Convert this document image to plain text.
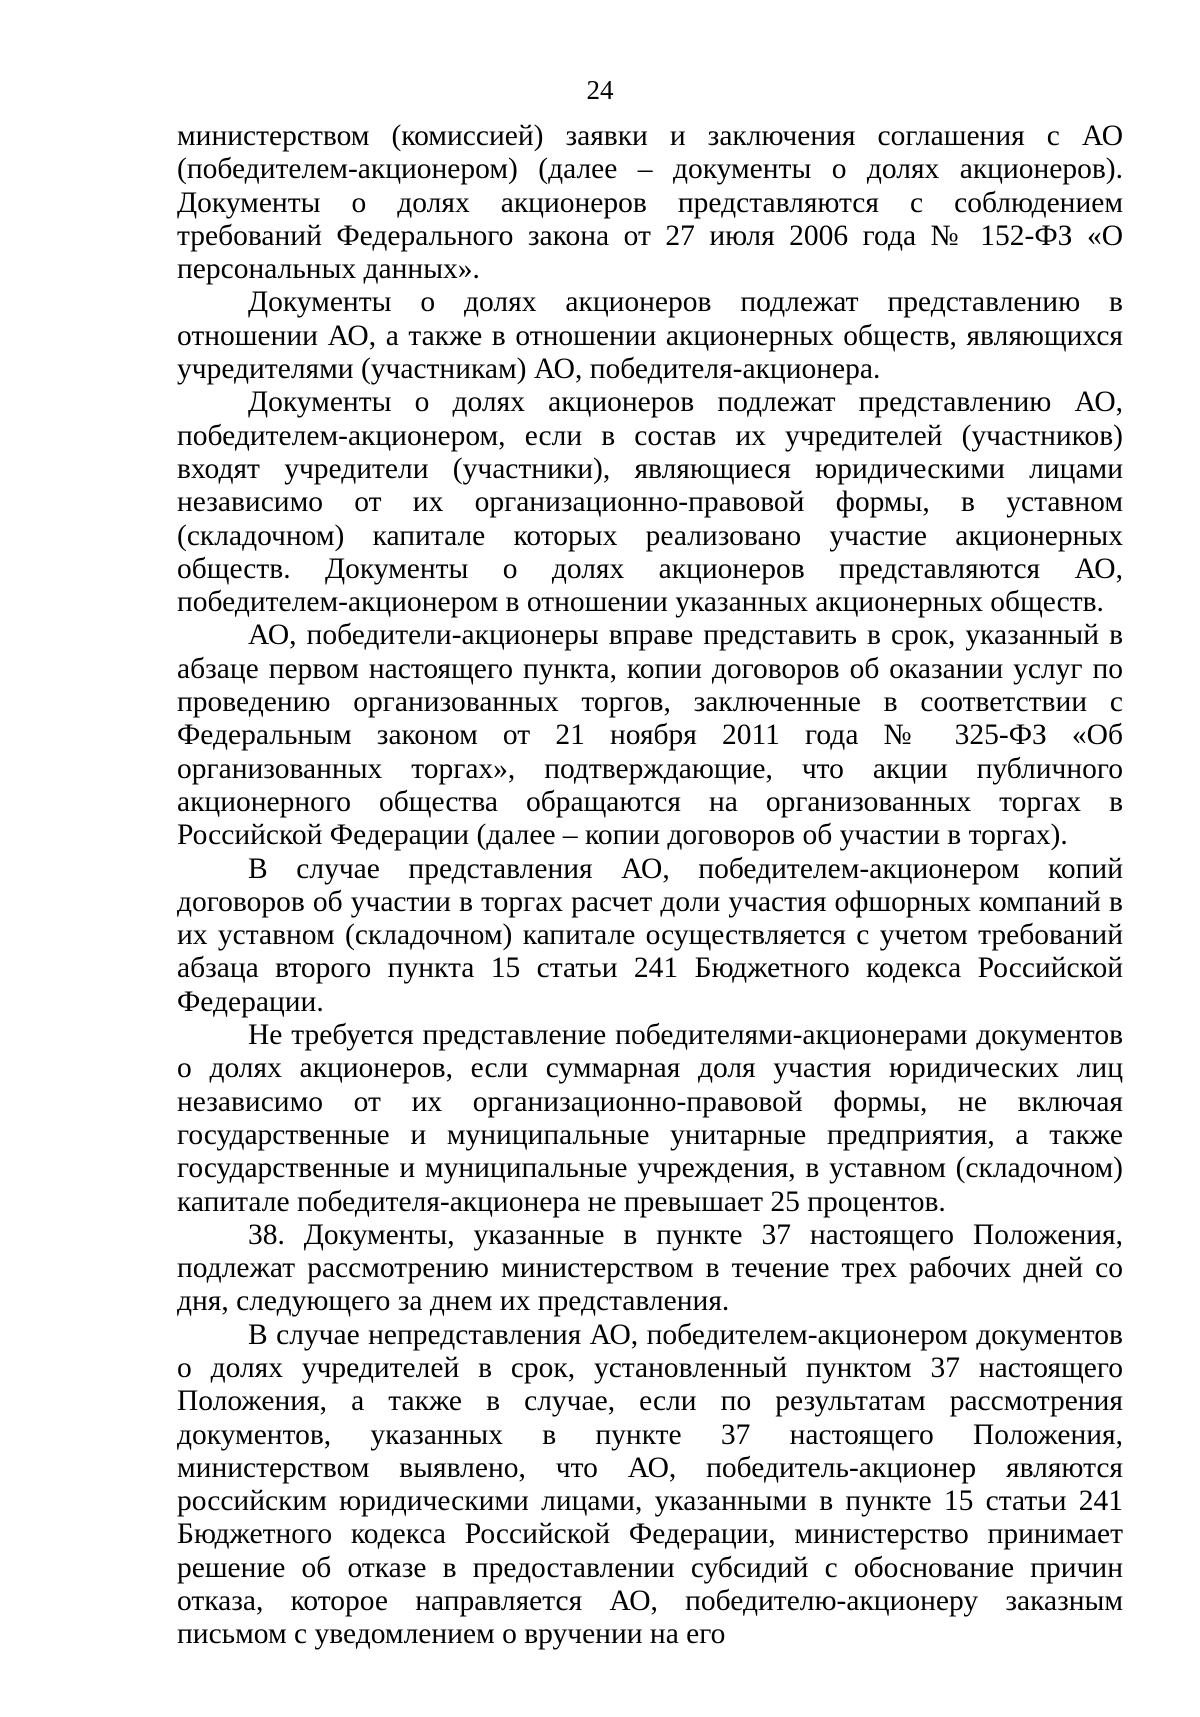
24

министерством (комиссией) заявки и заключения соглашения с АО (победителем-акционером) (далее – документы о долях акционеров). Документы о долях акционеров представляются с соблюдением требований Федерального закона от 27 июля 2006 года № 152-ФЗ «О персональных данных».

Документы о долях акционеров подлежат представлению в отношении АО, а также в отношении акционерных обществ, являющихся учредителями (участникам) АО, победителя-акционера.

Документы о долях акционеров подлежат представлению АО, победителем-акционером, если в состав их учредителей (участников) входят учредители (участники), являющиеся юридическими лицами независимо от их организационно-правовой формы, в уставном (складочном) капитале которых реализовано участие акционерных обществ. Документы о долях акционеров представляются АО, победителем-акционером в отношении указанных акционерных обществ.

АО, победители-акционеры вправе представить в срок, указанный в абзаце первом настоящего пункта, копии договоров об оказании услуг по проведению организованных торгов, заключенные в соответствии с Федеральным законом от 21 ноября 2011 года № 325-ФЗ «Об организованных торгах», подтверждающие, что акции публичного акционерного общества обращаются на организованных торгах в Российской Федерации (далее – копии договоров об участии в торгах).

В случае представления АО, победителем-акционером копий договоров об участии в торгах расчет доли участия офшорных компаний в их уставном (складочном) капитале осуществляется с учетом требований абзаца второго пункта 15 статьи 241 Бюджетного кодекса Российской Федерации.

Не требуется представление победителями-акционерами документов о долях акционеров, если суммарная доля участия юридических лиц независимо от их организационно-правовой формы, не включая государственные и муниципальные унитарные предприятия, а также государственные и муниципальные учреждения, в уставном (складочном) капитале победителя-акционера не превышает 25 процентов.

38. Документы, указанные в пункте 37 настоящего Положения, подлежат рассмотрению министерством в течение трех рабочих дней со дня, следующего за днем их представления.

В случае непредставления АО, победителем-акционером документов о долях учредителей в срок, установленный пунктом 37 настоящего Положения, а также в случае, если по результатам рассмотрения документов, указанных в пункте 37 настоящего Положения, министерством выявлено, что АО, победитель-акционер являются российским юридическими лицами, указанными в пункте 15 статьи 241 Бюджетного кодекса Российской Федерации, министерство принимает решение об отказе в предоставлении субсидий с обоснование причин отказа, которое направляется АО, победителю-акционеру заказным письмом с уведомлением о вручении на его
